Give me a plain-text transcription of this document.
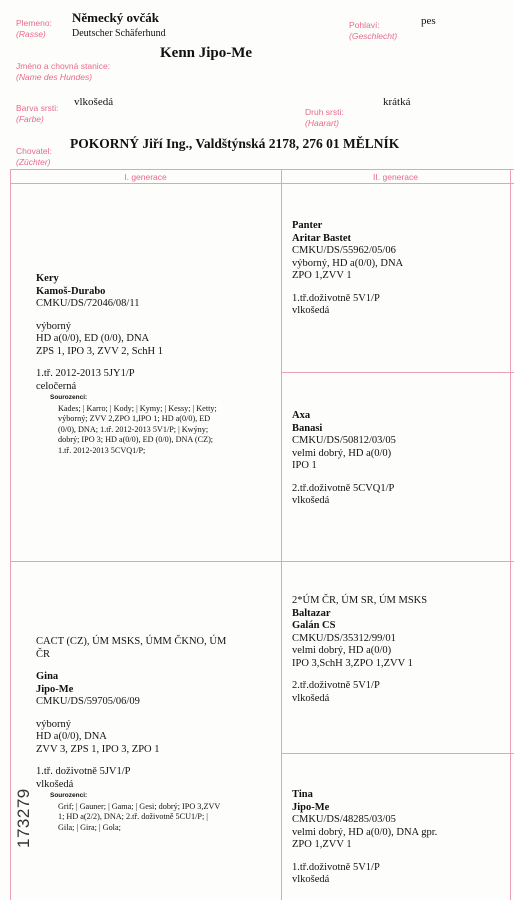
Plemeno:
(Rasse)
Německý ovčák
Deutscher Schäferhund
Pohlaví:
(Geschlecht)
pes
Jméno a chovná stanice:
(Name des Hundes)
Kenn Jipo-Me
Barva srsti:
(Farbe)
vlkošedá
Druh srsti:
(Haarart)
krátká
Chovatel:
(Züchter)
POKORNÝ Jiří Ing., Valdštýnská 2178, 276 01 MĚLNÍK
I. generace	II. generace
Kery
Kamoš-Durabo
CMKU/DS/72046/08/11
výborný
HD a(0/0), ED (0/0), DNA
ZPS 1, IPO 3, ZVV 2, SchH 1
1.tř. 2012-2013 5JY1/P
celočerná
Sourozenci:
Kades; | Karro; | Kody; | Kymy; | Kessy; | Ketty;
výborný; ZVV 2,ZPO 1,IPO 1; HD a(0/0), ED
(0/0), DNA; 1.tř. 2012-2013 5V1/P; | Kwýny;
dobrý; IPO 3; HD a(0/0), ED (0/0), DNA (CZ);
1.tř. 2012-2013 5CVQ1/P;
CACT (CZ), ÚM MSKS, ÚMM ČKNO, ÚM
ČR
Gina
Jipo-Me
CMKU/DS/59705/06/09
výborný
HD a(0/0), DNA
ZVV 3, ZPS 1, IPO 3, ZPO 1
1.tř. doživotně 5JV1/P
vlkošedá
Sourozenci:
Grif; | Gauner; | Gama; | Gesi; dobrý; IPO 3,ZVV
1; HD a(2/2), DNA; 2.tř. doživotně 5CU1/P; |
Gila; | Gira; | Gola;
Panter
Aritar Bastet
CMKU/DS/55962/05/06
výborný, HD a(0/0), DNA
ZPO 1,ZVV 1
1.tř.doživotně 5V1/P
vlkošedá
Axa
Banasi
CMKU/DS/50812/03/05
velmi dobrý, HD a(0/0)
IPO 1
2.tř.doživotně 5CVQ1/P
vlkošedá
2*ÚM ČR, ÚM SR, ÚM MSKS
Baltazar
Galán CS
CMKU/DS/35312/99/01
velmi dobrý, HD a(0/0)
IPO 3,SchH 3,ZPO 1,ZVV 1
2.tř.doživotně 5V1/P
vlkošedá
Tina
Jipo-Me
CMKU/DS/48285/03/05
velmi dobrý, HD a(0/0), DNA gpr.
ZPO 1,ZVV 1
1.tř.doživotně 5V1/P
vlkošedá
173279
